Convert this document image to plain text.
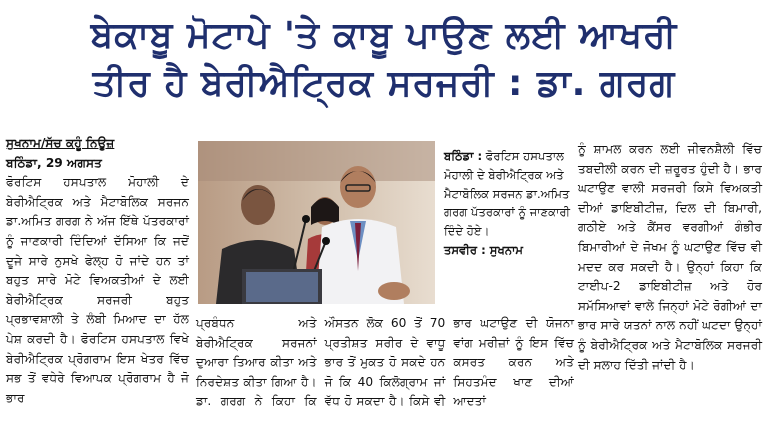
ਬੇਕਾਬੂ ਮੋਟਾਪੇ 'ਤੇ ਕਾਬੂ ਪਾਉਣ ਲਈ ਆਖਰੀ
ਤੀਰ ਹੈ ਬੇਰੀਐਟ੍ਰਿਕ ਸਰਜਰੀ : ਡਾ. ਗਰਗ

ਸੁਖਨਾਮ/ਸੱਚ ਕਹੂੰ ਨਿਊਜ਼

ਬਠਿੰਡਾ, 29 ਅਗਸਤ

ਫੋਰਟਿਸ ਹਸਪਤਾਲ ਮੋਹਾਲੀ ਦੇ ਬੇਰੀਐਟ੍ਰਿਕ ਅਤੇ ਮੈਟਾਬੋਲਿਕ ਸਰਜਨ ਡਾ.ਅਮਿਤ ਗਰਗ ਨੇ ਅੱਜ ਇੱਥੇ ਪੱਤਰਕਾਰਾਂ ਨੂੰ ਜਾਣਕਾਰੀ ਦਿੰਦਿਆਂ ਦੱਸਿਆ ਕਿ ਜਦੋਂ ਦੂਜੇ ਸਾਰੇ ਨੁਸਖੇ ਫੇਲ੍ਹ ਹੋ ਜਾਂਦੇ ਹਨ ਤਾਂ ਬਹੁਤ ਸਾਰੇ ਮੋਟੇ ਵਿਅਕਤੀਆਂ ਦੇ ਲਈ ਬੇਰੀਐਟ੍ਰਿਕ ਸਰਜਰੀ ਬਹੁਤ ਪ੍ਰਭਾਵਸ਼ਾਲੀ ਤੇ ਲੰਬੀ ਮਿਆਦ ਦਾ ਹੱਲ ਪੇਸ਼ ਕਰਦੀ ਹੈ। ਫੋਰਟਿਸ ਹਸਪਤਾਲ ਵਿਖੇ ਬੇਰੀਐਟ੍ਰਿਕ ਪ੍ਰੋਗਰਾਮ ਇਸ ਖੇਤਰ ਵਿੱਚ ਸਭ ਤੋਂ ਵਧੇਰੇ ਵਿਆਪਕ ਪ੍ਰੋਗਰਾਮ ਹੈ ਜੋ ਭਾਰ

ਬਠਿੰਡਾ : ਫੋਰਟਿਸ ਹਸਪਤਾਲ ਮੋਹਾਲੀ ਦੇ ਬੇਰੀਐਟ੍ਰਿਕ ਅਤੇ ਮੈਟਾਬੋਲਿਕ ਸਰਜਨ ਡਾ.ਅਮਿਤ ਗਰਗ ਪੱਤਰਕਾਰਾਂ ਨੂੰ ਜਾਣਕਾਰੀ ਦਿੰਦੇ ਹੋਏ।
ਤਸਵੀਰ : ਸੁਖਨਾਮ

ਪ੍ਰਬੰਧਨ ਅਤੇ ਬੇਰੀਐਟ੍ਰਿਕ ਸਰਜਨਾਂ ਦੁਆਰਾ ਤਿਆਰ ਕੀਤਾ ਅਤੇ ਨਿਰਦੇਸ਼ਤ ਕੀਤਾ ਗਿਆ ਹੈ। ਡਾ. ਗਰਗ ਨੇ ਕਿਹਾ ਕਿ ਔਸਤਨ ਲੋਕ 60 ਤੋਂ 70 ਪ੍ਰਤੀਸ਼ਤ ਸਰੀਰ ਦੇ ਵਾਧੂ ਭਾਰ ਤੋਂ ਮੁਕਤ ਹੋ ਸਕਦੇ ਹਨ ਜੋ ਕਿ 40 ਕਿਲੋਗ੍ਰਾਮ ਜਾਂ ਵੱਧ ਹੋ ਸਕਦਾ ਹੈ। ਕਿਸੇ ਵੀ ਭਾਰ ਘਟਾਉਣ ਦੀ ਯੋਜਨਾ ਵਾਂਗ ਮਰੀਜ਼ਾਂ ਨੂੰ ਇਸ ਵਿੱਚ ਕਸਰਤ ਕਰਨ ਅਤੇ ਸਿਹਤਮੰਦ ਖਾਣ ਦੀਆਂ ਆਦਤਾਂ

ਨੂੰ ਸ਼ਾਮਲ ਕਰਨ ਲਈ ਜੀਵਨਸ਼ੈਲੀ ਵਿੱਚ ਤਬਦੀਲੀ ਕਰਨ ਦੀ ਜ਼ਰੂਰਤ ਹੁੰਦੀ ਹੈ। ਭਾਰ ਘਟਾਉਣ ਵਾਲੀ ਸਰਜਰੀ ਕਿਸੇ ਵਿਅਕਤੀ ਦੀਆਂ ਡਾਇਬੀਟੀਜ਼, ਦਿਲ ਦੀ ਬਿਮਾਰੀ, ਗਠੀਏ ਅਤੇ ਕੈਂਸਰ ਵਰਗੀਆਂ ਗੰਭੀਰ ਬਿਮਾਰੀਆਂ ਦੇ ਜੋਖਮ ਨੂੰ ਘਟਾਉਣ ਵਿੱਚ ਵੀ ਮਦਦ ਕਰ ਸਕਦੀ ਹੈ। ਉਨ੍ਹਾਂ ਕਿਹਾ ਕਿ ਟਾਈਪ-2 ਡਾਇਬੀਟੀਜ਼ ਅਤੇ ਹੋਰ ਸਮੱਸਿਆਵਾਂ ਵਾਲੇ ਜਿਨ੍ਹਾਂ ਮੋਟੇ ਰੋਗੀਆਂ ਦਾ ਭਾਰ ਸਾਰੇ ਯਤਨਾਂ ਨਾਲ ਨਹੀਂ ਘਟਦਾ ਉਨ੍ਹਾਂ ਨੂੰ ਬੇਰੀਐਟ੍ਰਿਕ ਅਤੇ ਮੈਟਾਬੋਲਿਕ ਸਰਜਰੀ ਦੀ ਸਲਾਹ ਦਿੱਤੀ ਜਾਂਦੀ ਹੈ।
